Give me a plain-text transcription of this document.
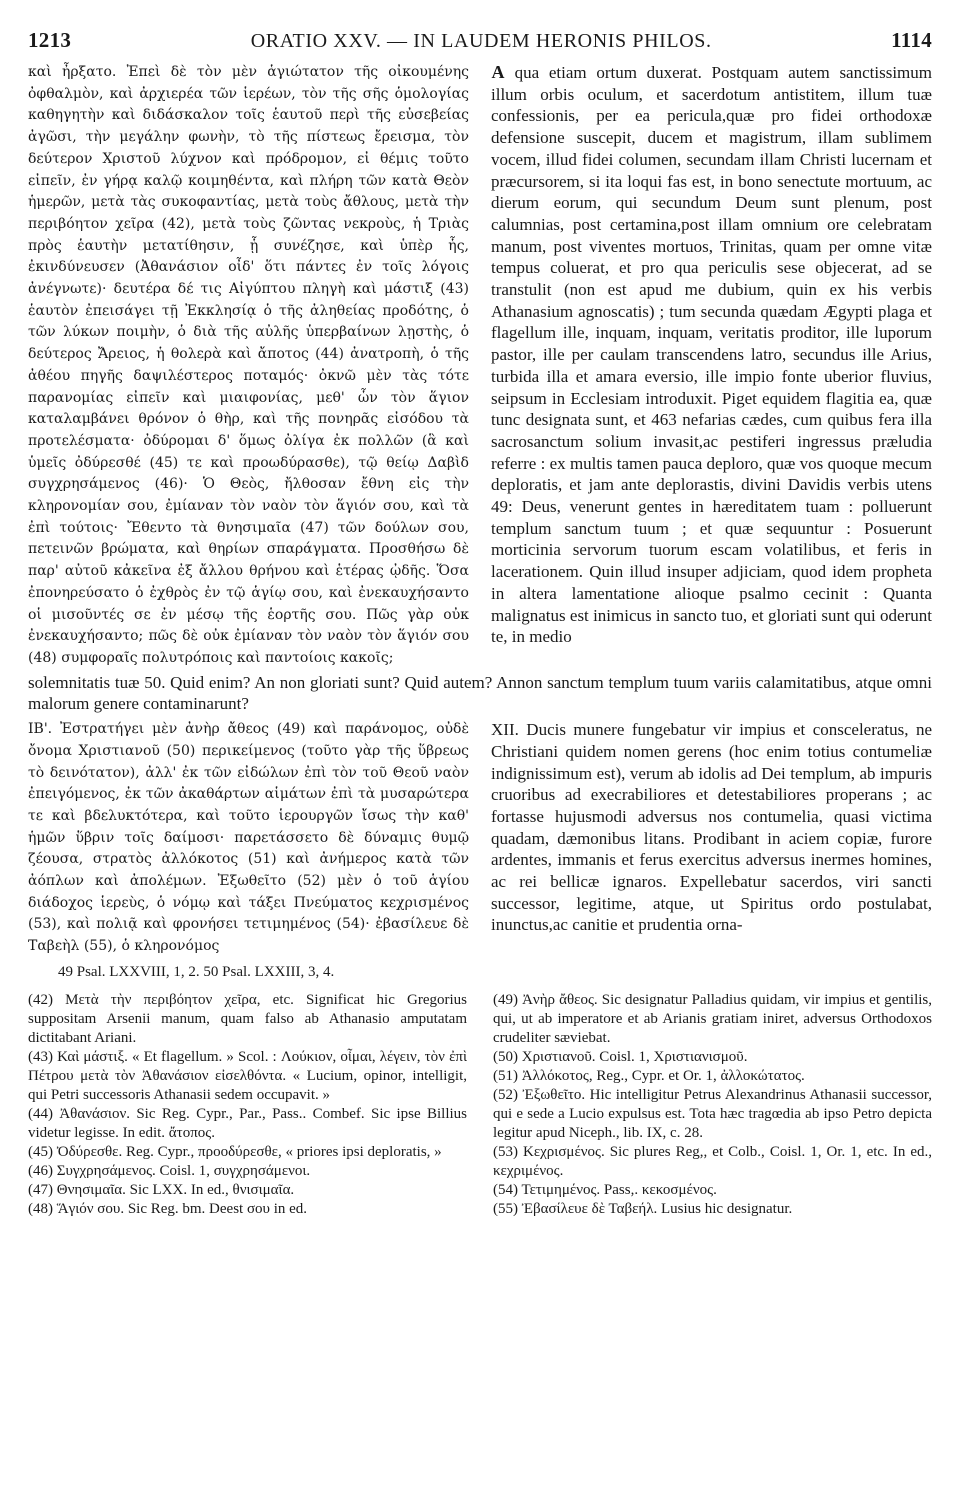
1213	ORATIO XXV. — IN LAUDEM HERONIS PHILOS.	1114
καὶ ἦρξατο. Ἐπεὶ δὲ τὸν μὲν ἁγιώτατον τῆς οἰκουμένης ὀφθαλμὸν, καὶ ἀρχιερέα τῶν ἱερέων, τὸν τῆς σῆς ὁμολογίας καθηγητὴν καὶ διδάσκαλον τοῖς ἑαυτοῦ περὶ τῆς εὐσεβείας ἀγῶσι, τὴν μεγάλην φωνὴν, τὸ τῆς πίστεως ἔρεισμα, τὸν δεύτερον Χριστοῦ λύχνον καὶ πρόδρομον, εἰ θέμις τοῦτο εἰπεῖν, ἐν γήρᾳ καλῷ κοιμηθέντα, καὶ πλήρη τῶν κατὰ Θεὸν ἡμερῶν, μετὰ τὰς συκοφαντίας, μετὰ τοὺς ἄθλους, μετὰ τὴν περιβόητον χεῖρα (42), μετὰ τοὺς ζῶντας νεκροὺς, ἡ Τριὰς πρὸς ἑαυτὴν μετατίθησιν, ᾗ συνέζησε, καὶ ὑπὲρ ἧς, ἐκινδύνευσεν (Ἀθανάσιον οἶδ' ὅτι πάντες ἐν τοῖς λόγοις ἀνέγνωτε)· δευτέρα δέ τις Αἰγύπτου πληγὴ καὶ μάστιξ (43) ἑαυτὸν ἐπεισάγει τῇ Ἐκκλησίᾳ ὁ τῆς ἀληθείας προδότης, ὁ τῶν λύκων ποιμὴν, ὁ διὰ τῆς αὐλῆς ὑπερβαίνων λῃστὴς, ὁ δεύτερος Ἄρειος, ἡ θολερὰ καὶ ἄποτος (44) ἀνατροπὴ, ὁ τῆς ἀθέου πηγῆς δαψιλέστερος ποταμός· ὀκνῶ μὲν τὰς τότε παρανομίας εἰπεῖν καὶ μιαιφονίας, μεθ' ὧν τὸν ἅγιον καταλαμβάνει θρόνον ὁ θὴρ, καὶ τῆς πονηρᾶς εἰσόδου τὰ προτελέσματα· ὀδύρομαι δ' ὅμως ὀλίγα ἐκ πολλῶν (ἃ καὶ ὑμεῖς ὀδύρεσθέ (45) τε καὶ προωδύρασθε), τῷ θείῳ Δαβὶδ συγχρησάμενος (46)· Ὁ Θεὸς, ἤλθοσαν ἔθνη εἰς τὴν κληρονομίαν σου, ἐμίαναν τὸν ναὸν τὸν ἅγιόν σου, καὶ τὰ ἐπὶ τούτοις· Ἔθεντο τὰ θνησιμαῖα (47) τῶν δούλων σου, πετεινῶν βρώματα, καὶ θηρίων σπαράγματα. Προσθήσω δὲ παρ' αὐτοῦ κἀκεῖνα ἐξ ἄλλου θρήνου καὶ ἑτέρας ᾠδῆς. Ὅσα ἐπονηρεύσατο ὁ ἐχθρὸς ἐν τῷ ἁγίῳ σου, καὶ ἐνεκαυχήσαντο οἱ μισοῦντές σε ἐν μέσῳ τῆς ἑορτῆς σου. Πῶς γὰρ οὐκ ἐνεκαυχήσαντο; πῶς δὲ οὐκ ἐμίαναν τὸν ναὸν τὸν ἅγιόν σου (48) συμφοραῖς πολυτρόποις καὶ παντοίοις κακοῖς;
A qua etiam ortum duxerat. Postquam autem sanctissimum illum orbis oculum, et sacerdotum antistitem, illum tuæ confessionis, per ea pericula,quæ pro fidei orthodoxæ defensione suscepit, ducem et magistrum, illam sublimem vocem, illud fidei columen, secundam illam Christi lucernam et præcursorem, si ita loqui fas est, in bono senectute mortuum, ac dierum eorum, qui secundum Deum sunt plenum, post calumnias, post certamina,post illam omnium ore celebratam manum, post viventes mortuos, Trinitas, quam per omne vitæ tempus coluerat, et pro qua periculis sese objecerat, ad se transtulit (non est apud me dubium, quin ex his verbis Athanasium agnoscatis) ; tum secunda quædam Ægypti plaga et flagellum ille, inquam, inquam, veritatis proditor, ille luporum pastor, ille per caulam transcendens latro, secundus ille Arius, turbida illa et amara eversio, ille impio fonte uberior fluvius, seipsum in Ecclesiam introduxit. Piget equidem flagitia ea, quæ tunc designata sunt, et 463 nefarias cædes, cum quibus fera illa sacrosanctum solium invasit,ac pestiferi ingressus præludia referre : ex multis tamen pauca deploro, quæ vos quoque mecum deploratis, et jam ante deplorastis, divini Davidis verbis utens 49: Deus, venerunt gentes in hæreditatem tuam : polluerunt templum sanctum tuum ; et quæ sequuntur : Posuerunt morticinia servorum tuorum escam volatilibus, et feris in lacerationem. Quin illud insuper adjiciam, quod idem propheta in altera lamentatione alioque psalmo cecinit : Quanta malignatus est inimicus in sancto tuo, et gloriati sunt qui oderunt te, in medio
solemnitatis tuæ 50. Quid enim? An non gloriati sunt? Quid autem? Annon sanctum templum tuum variis calamitatibus, atque omni malorum genere contaminarunt?
ΙΒ'. Ἐστρατήγει μὲν ἀνὴρ ἄθεος (49) καὶ παράνομος, οὐδὲ ὄνομα Χριστιανοῦ (50) περικείμενος (τοῦτο γὰρ τῆς ὕβρεως τὸ δεινότατον), ἀλλ' ἐκ τῶν εἰδώλων ἐπὶ τὸν τοῦ Θεοῦ ναὸν ἐπειγόμενος, ἐκ τῶν ἀκαθάρτων αἱμάτων ἐπὶ τὰ μυσαρώτερα τε καὶ βδελυκτότερα, καὶ τοῦτο ἱερουργῶν ἴσως τὴν καθ' ἡμῶν ὕβριν τοῖς δαίμοσι· παρετάσσετο δὲ δύναμις θυμῷ ζέουσα, στρατὸς ἀλλόκοτος (51) καὶ ἀνήμερος κατὰ τῶν ἀόπλων καὶ ἀπολέμων. Ἐξωθεῖτο (52) μὲν ὁ τοῦ ἁγίου διάδοχος ἱερεὺς, ὁ νόμῳ καὶ τάξει Πνεύματος κεχρισμένος (53), καὶ πολιᾷ καὶ φρονήσει τετιμημένος (54)· ἐβασίλευε δὲ Ταβεὴλ (55), ὁ κληρονόμος
XII. Ducis munere fungebatur vir impius et consceleratus, ne Christiani quidem nomen gerens (hoc enim totius contumeliæ indignissimum est), verum ab idolis ad Dei templum, ab impuris cruoribus ad execrabiliores et detestabiliores properans ; ac fortasse hujusmodi adversus nos contumelia, quasi victima quadam, dæmonibus litans. Prodibant in aciem copiæ, furore ardentes, immanis et ferus exercitus adversus inermes homines, ac rei bellicæ ignaros. Expellebatur sacerdos, viri sancti successor, legitime, atque, ut Spiritus ordo postulabat, inunctus,ac canitie et prudentia orna-
49 Psal. LXXVIII, 1, 2. 50 Psal. LXXIII, 3, 4.

(42) Μετὰ τὴν περιβόητον χεῖρα, etc. Significat hic Gregorius suppositam Arsenii manum, quam falso ab Athanasio amputatam dictitabant Ariani.

(43) Καὶ μάστιξ. « Et flagellum. » Scol. : Λούκιον, οἶμαι, λέγειν, τὸν ἐπὶ Πέτρου μετὰ τὸν Ἀθανάσιον εἰσελθόντα. « Lucium, opinor, intelligit, qui Petri successoris Athanasii sedem occupavit. »

(44) Ἀθανάσιον. Sic Reg. Cypr., Par., Pass.. Combef. Sic ipse Billius videtur legisse. In edit. ἄτοπος.

(45) Ὀδύρεσθε. Reg. Cypr., προοδύρεσθε, « priores ipsi deploratis, »

(46) Συγχρησάμενος. Coisl. 1, συγχρησάμενοι.

(47) Θνησιμαῖα. Sic LXX. In ed., θνισιμαῖα.

(48) Ἅγιόν σου. Sic Reg. bm. Deest σου in ed.

(49) Ἀνὴρ ἄθεος. Sic designatur Palladius quidam, vir impius et gentilis, qui, ut ab imperatore et ab Arianis gratiam iniret, adversus Orthodoxos crudeliter sæviebat.

(50) Χριστιανοῦ. Coisl. 1, Χριστιανισμοῦ.

(51) Ἀλλόκοτος, Reg., Cypr. et Or. 1, ἀλλοκώτατος.

(52) Ἐξωθεῖτο. Hic intelligitur Petrus Alexandrinus Athanasii successor, qui e sede a Lucio expulsus est. Tota hæc tragœdia ab ipso Petro depicta legitur apud Niceph., lib. IX, c. 28.

(53) Κεχρισμένος. Sic plures Reg,, et Colb., Coisl. 1, Or. 1, etc. In ed., κεχριμένος.

(54) Τετιμημένος. Pass,. κεκοσμένος.

(55) Ἐβασίλευε δὲ Ταβεήλ. Lusius hic designatur.
